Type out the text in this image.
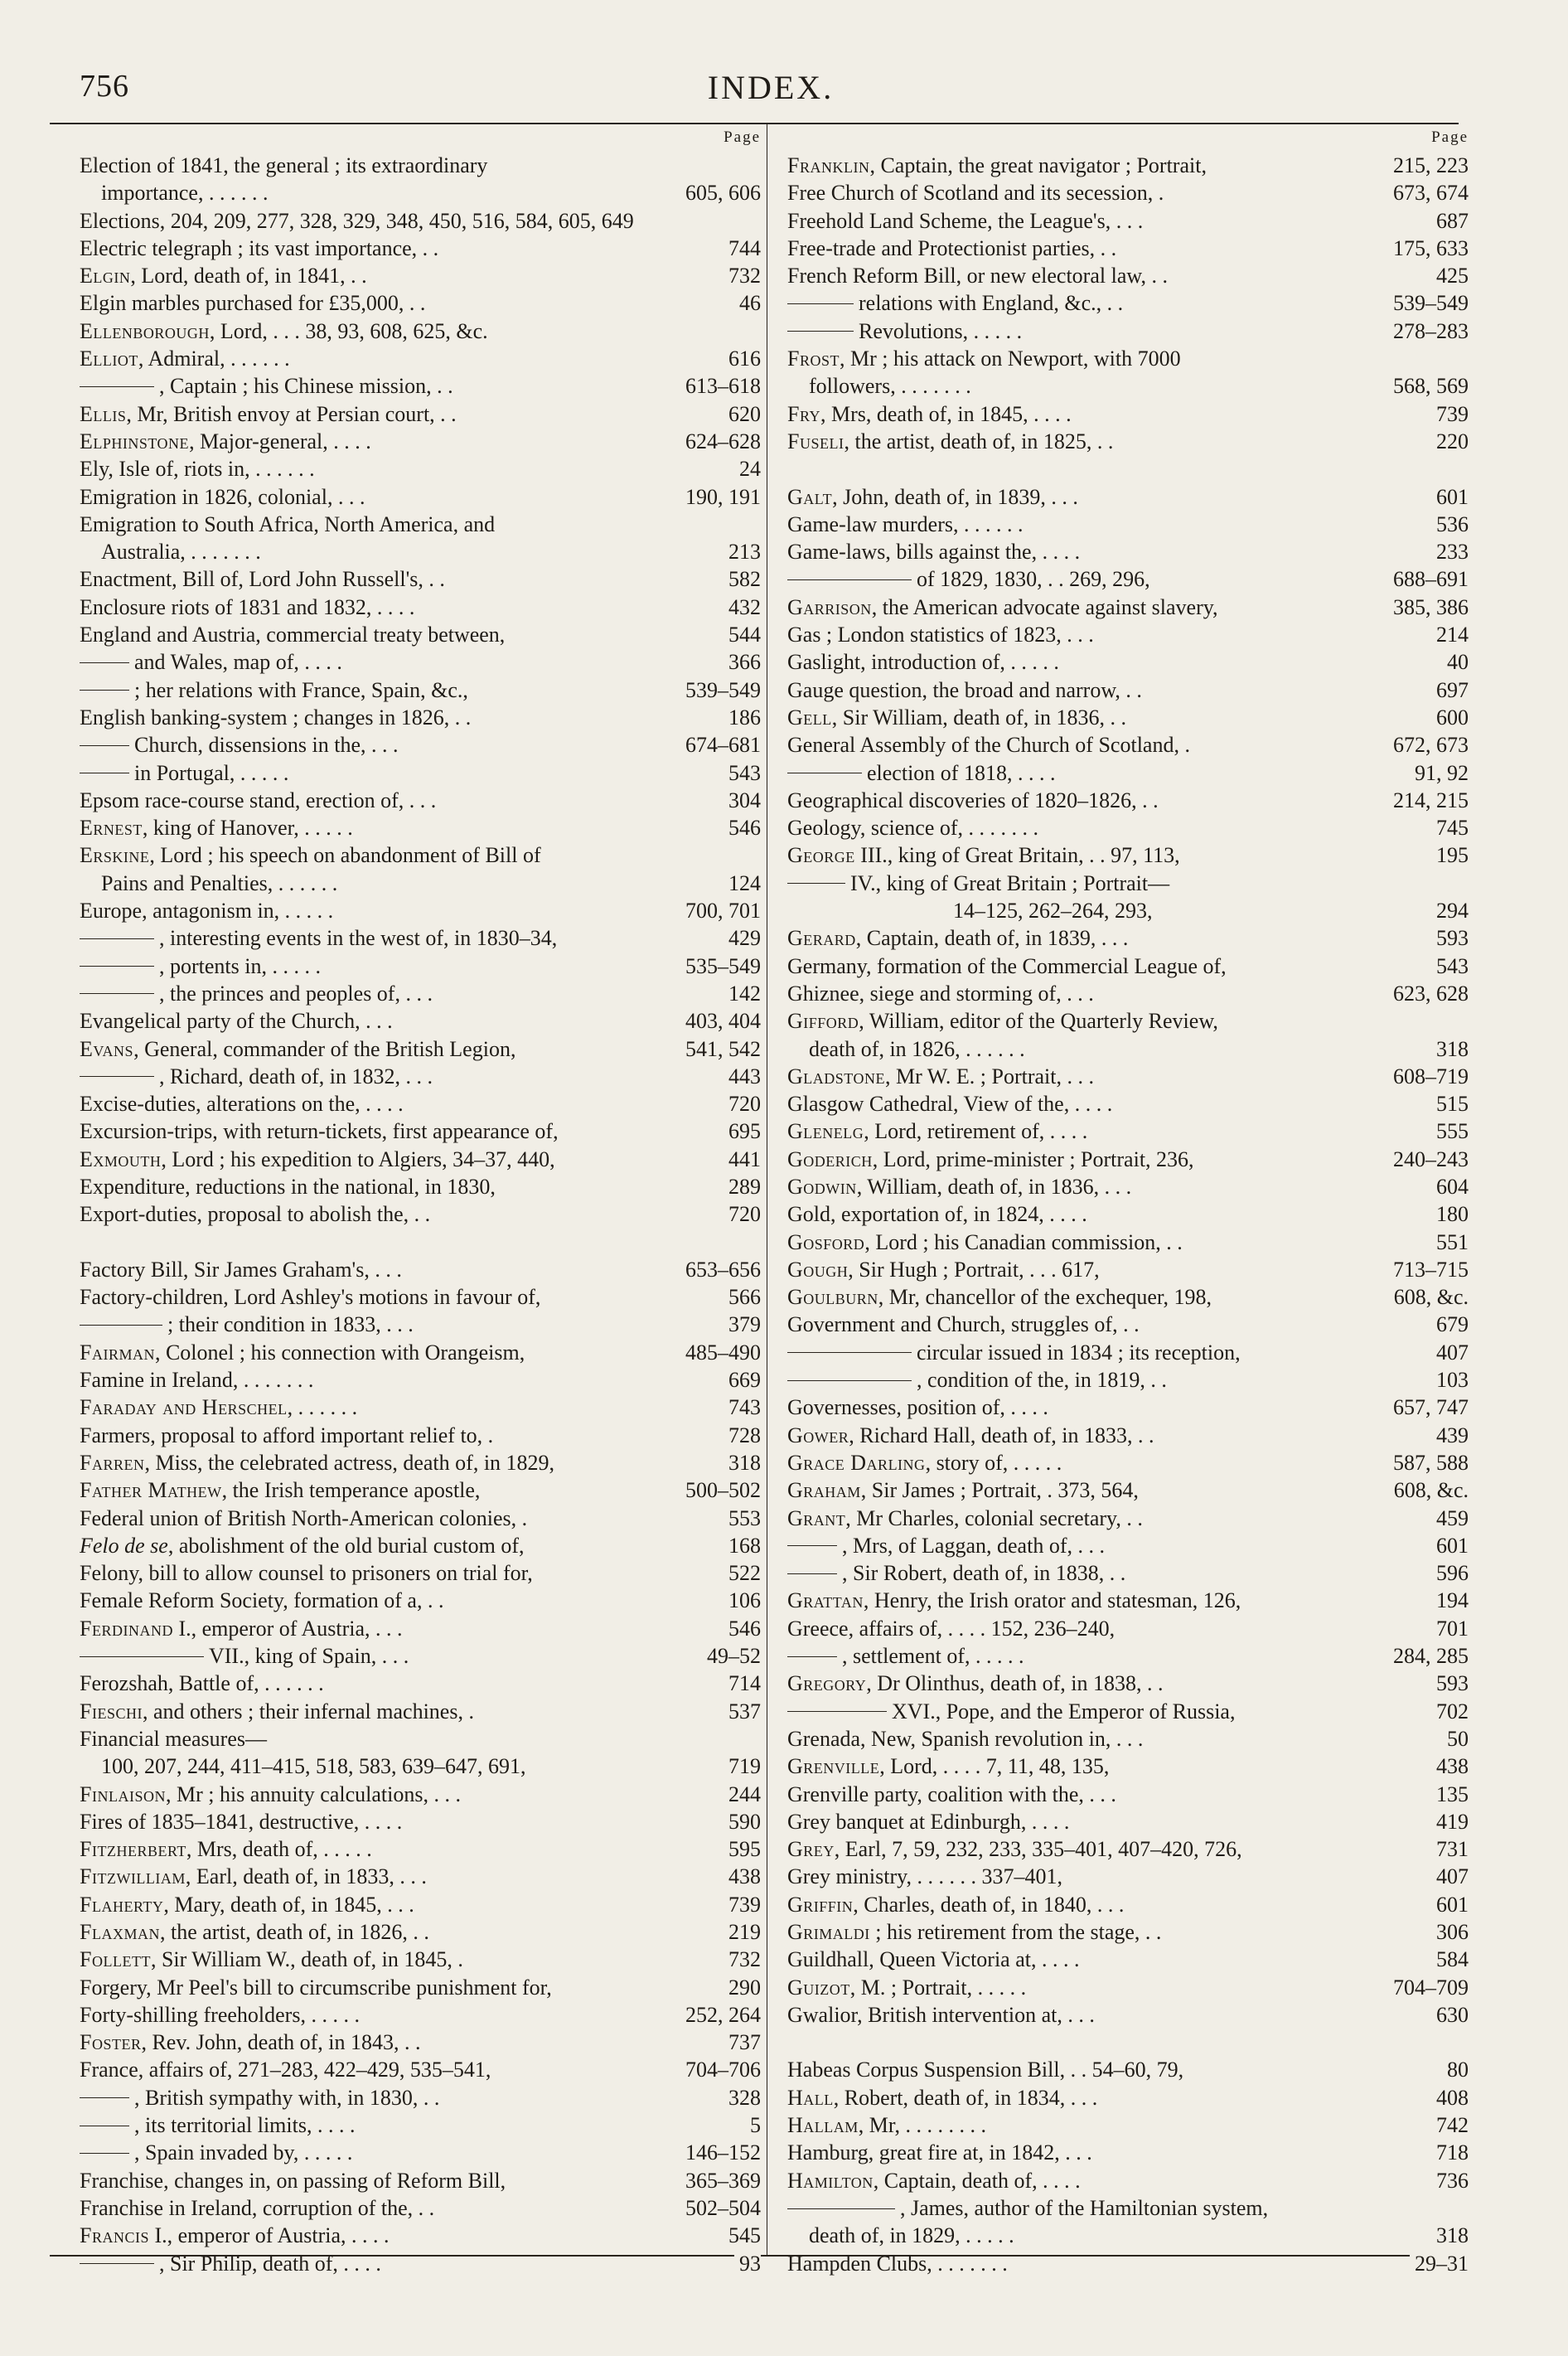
756	INDEX.
Page
Election of 1841, the general ; its extraordinary
importance, . . . . . .	605, 606
Elections, 204, 209, 277, 328, 329, 348, 450, 516, 584, 605, 649
Electric telegraph ; its vast importance, . .	744
Elgin, Lord, death of, in 1841, . .	732
Elgin marbles purchased for £35,000, . .	46
Ellenborough, Lord, . . . 38, 93, 608, 625, &c.
Elliot, Admiral, . . . . . .	616
, Captain ; his Chinese mission, . .	613–618
Ellis, Mr, British envoy at Persian court, . .	620
Elphinstone, Major-general, . . . .	624–628
Ely, Isle of, riots in, . . . . . .	24
Emigration in 1826, colonial, . . .	190, 191
Emigration to South Africa, North America, and
Australia, . . . . . . .	213
Enactment, Bill of, Lord John Russell's, . .	582
Enclosure riots of 1831 and 1832, . . . .	432
England and Austria, commercial treaty between,	544
and Wales, map of, . . . .	366
; her relations with France, Spain, &c.,	539–549
English banking-system ; changes in 1826, . .	186
Church, dissensions in the, . . .	674–681
in Portugal, . . . . .	543
Epsom race-course stand, erection of, . . .	304
Ernest, king of Hanover, . . . . .	546
Erskine, Lord ; his speech on abandonment of Bill of
Pains and Penalties, . . . . . .	124
Europe, antagonism in, . . . . .	700, 701
, interesting events in the west of, in 1830–34,	429
, portents in, . . . . .	535–549
, the princes and peoples of, . . .	142
Evangelical party of the Church, . . .	403, 404
Evans, General, commander of the British Legion,	541, 542
, Richard, death of, in 1832, . . .	443
Excise-duties, alterations on the, . . . .	720
Excursion-trips, with return-tickets, first appearance of,	695
Exmouth, Lord ; his expedition to Algiers, 34–37, 440,	441
Expenditure, reductions in the national, in 1830,	289
Export-duties, proposal to abolish the, . .	720
Factory Bill, Sir James Graham's, . . .	653–656
Factory-children, Lord Ashley's motions in favour of,	566
; their condition in 1833, . . .	379
Fairman, Colonel ; his connection with Orangeism,	485–490
Famine in Ireland, . . . . . . .	669
Faraday and Herschel, . . . . . .	743
Farmers, proposal to afford important relief to, .	728
Farren, Miss, the celebrated actress, death of, in 1829,	318
Father Mathew, the Irish temperance apostle,	500–502
Federal union of British North-American colonies, .	553
Felo de se, abolishment of the old burial custom of,	168
Felony, bill to allow counsel to prisoners on trial for,	522
Female Reform Society, formation of a, . .	106
Ferdinand I., emperor of Austria, . . .	546
VII., king of Spain, . . .	49–52
Ferozshah, Battle of, . . . . . .	714
Fieschi, and others ; their infernal machines, .	537
Financial measures—
100, 207, 244, 411–415, 518, 583, 639–647, 691,	719
Finlaison, Mr ; his annuity calculations, . . .	244
Fires of 1835–1841, destructive, . . . .	590
Fitzherbert, Mrs, death of, . . . . .	595
Fitzwilliam, Earl, death of, in 1833, . . .	438
Flaherty, Mary, death of, in 1845, . . .	739
Flaxman, the artist, death of, in 1826, . .	219
Follett, Sir William W., death of, in 1845, .	732
Forgery, Mr Peel's bill to circumscribe punishment for,	290
Forty-shilling freeholders, . . . . .	252, 264
Foster, Rev. John, death of, in 1843, . .	737
France, affairs of, 271–283, 422–429, 535–541,	704–706
, British sympathy with, in 1830, . .	328
, its territorial limits, . . . .	5
, Spain invaded by, . . . . .	146–152
Franchise, changes in, on passing of Reform Bill,	365–369
Franchise in Ireland, corruption of the, . .	502–504
Francis I., emperor of Austria, . . . .	545
, Sir Philip, death of, . . . .	93
Page
Franklin, Captain, the great navigator ; Portrait,	215, 223
Free Church of Scotland and its secession, .	673, 674
Freehold Land Scheme, the League's, . . .	687
Free-trade and Protectionist parties, . .	175, 633
French Reform Bill, or new electoral law, . .	425
relations with England, &c., . .	539–549
Revolutions, . . . . .	278–283
Frost, Mr ; his attack on Newport, with 7000
followers, . . . . . . .	568, 569
Fry, Mrs, death of, in 1845, . . . .	739
Fuseli, the artist, death of, in 1825, . .	220
Galt, John, death of, in 1839, . . .	601
Game-law murders, . . . . . .	536
Game-laws, bills against the, . . . .	233
of 1829, 1830, . . 269, 296,	688–691
Garrison, the American advocate against slavery,	385, 386
Gas ; London statistics of 1823, . . .	214
Gaslight, introduction of, . . . . .	40
Gauge question, the broad and narrow, . .	697
Gell, Sir William, death of, in 1836, . .	600
General Assembly of the Church of Scotland, .	672, 673
election of 1818, . . . .	91, 92
Geographical discoveries of 1820–1826, . .	214, 215
Geology, science of, . . . . . . .	745
George III., king of Great Britain, . . 97, 113,	195
IV., king of Great Britain ; Portrait—
14–125, 262–264, 293,	294
Gerard, Captain, death of, in 1839, . . .	593
Germany, formation of the Commercial League of,	543
Ghiznee, siege and storming of, . . .	623, 628
Gifford, William, editor of the Quarterly Review,
death of, in 1826, . . . . . .	318
Gladstone, Mr W. E. ; Portrait, . . .	608–719
Glasgow Cathedral, View of the, . . . .	515
Glenelg, Lord, retirement of, . . . .	555
Goderich, Lord, prime-minister ; Portrait, 236,	240–243
Godwin, William, death of, in 1836, . . .	604
Gold, exportation of, in 1824, . . . .	180
Gosford, Lord ; his Canadian commission, . .	551
Gough, Sir Hugh ; Portrait, . . . 617,	713–715
Goulburn, Mr, chancellor of the exchequer, 198,	608, &c.
Government and Church, struggles of, . .	679
circular issued in 1834 ; its reception,	407
, condition of the, in 1819, . .	103
Governesses, position of, . . . .	657, 747
Gower, Richard Hall, death of, in 1833, . .	439
Grace Darling, story of, . . . . .	587, 588
Graham, Sir James ; Portrait, . 373, 564,	608, &c.
Grant, Mr Charles, colonial secretary, . .	459
, Mrs, of Laggan, death of, . . .	601
, Sir Robert, death of, in 1838, . .	596
Grattan, Henry, the Irish orator and statesman, 126,	194
Greece, affairs of, . . . . 152, 236–240,	701
, settlement of, . . . . .	284, 285
Gregory, Dr Olinthus, death of, in 1838, . .	593
XVI., Pope, and the Emperor of Russia,	702
Grenada, New, Spanish revolution in, . . .	50
Grenville, Lord, . . . . 7, 11, 48, 135,	438
Grenville party, coalition with the, . . .	135
Grey banquet at Edinburgh, . . . .	419
Grey, Earl, 7, 59, 232, 233, 335–401, 407–420, 726,	731
Grey ministry, . . . . . . 337–401,	407
Griffin, Charles, death of, in 1840, . . .	601
Grimaldi ; his retirement from the stage, . .	306
Guildhall, Queen Victoria at, . . . .	584
Guizot, M. ; Portrait, . . . . .	704–709
Gwalior, British intervention at, . . .	630
Habeas Corpus Suspension Bill, . . 54–60, 79,	80
Hall, Robert, death of, in 1834, . . .	408
Hallam, Mr, . . . . . . . .	742
Hamburg, great fire at, in 1842, . . .	718
Hamilton, Captain, death of, . . . .	736
, James, author of the Hamiltonian system,
death of, in 1829, . . . . .	318
Hampden Clubs, . . . . . . .	29–31
